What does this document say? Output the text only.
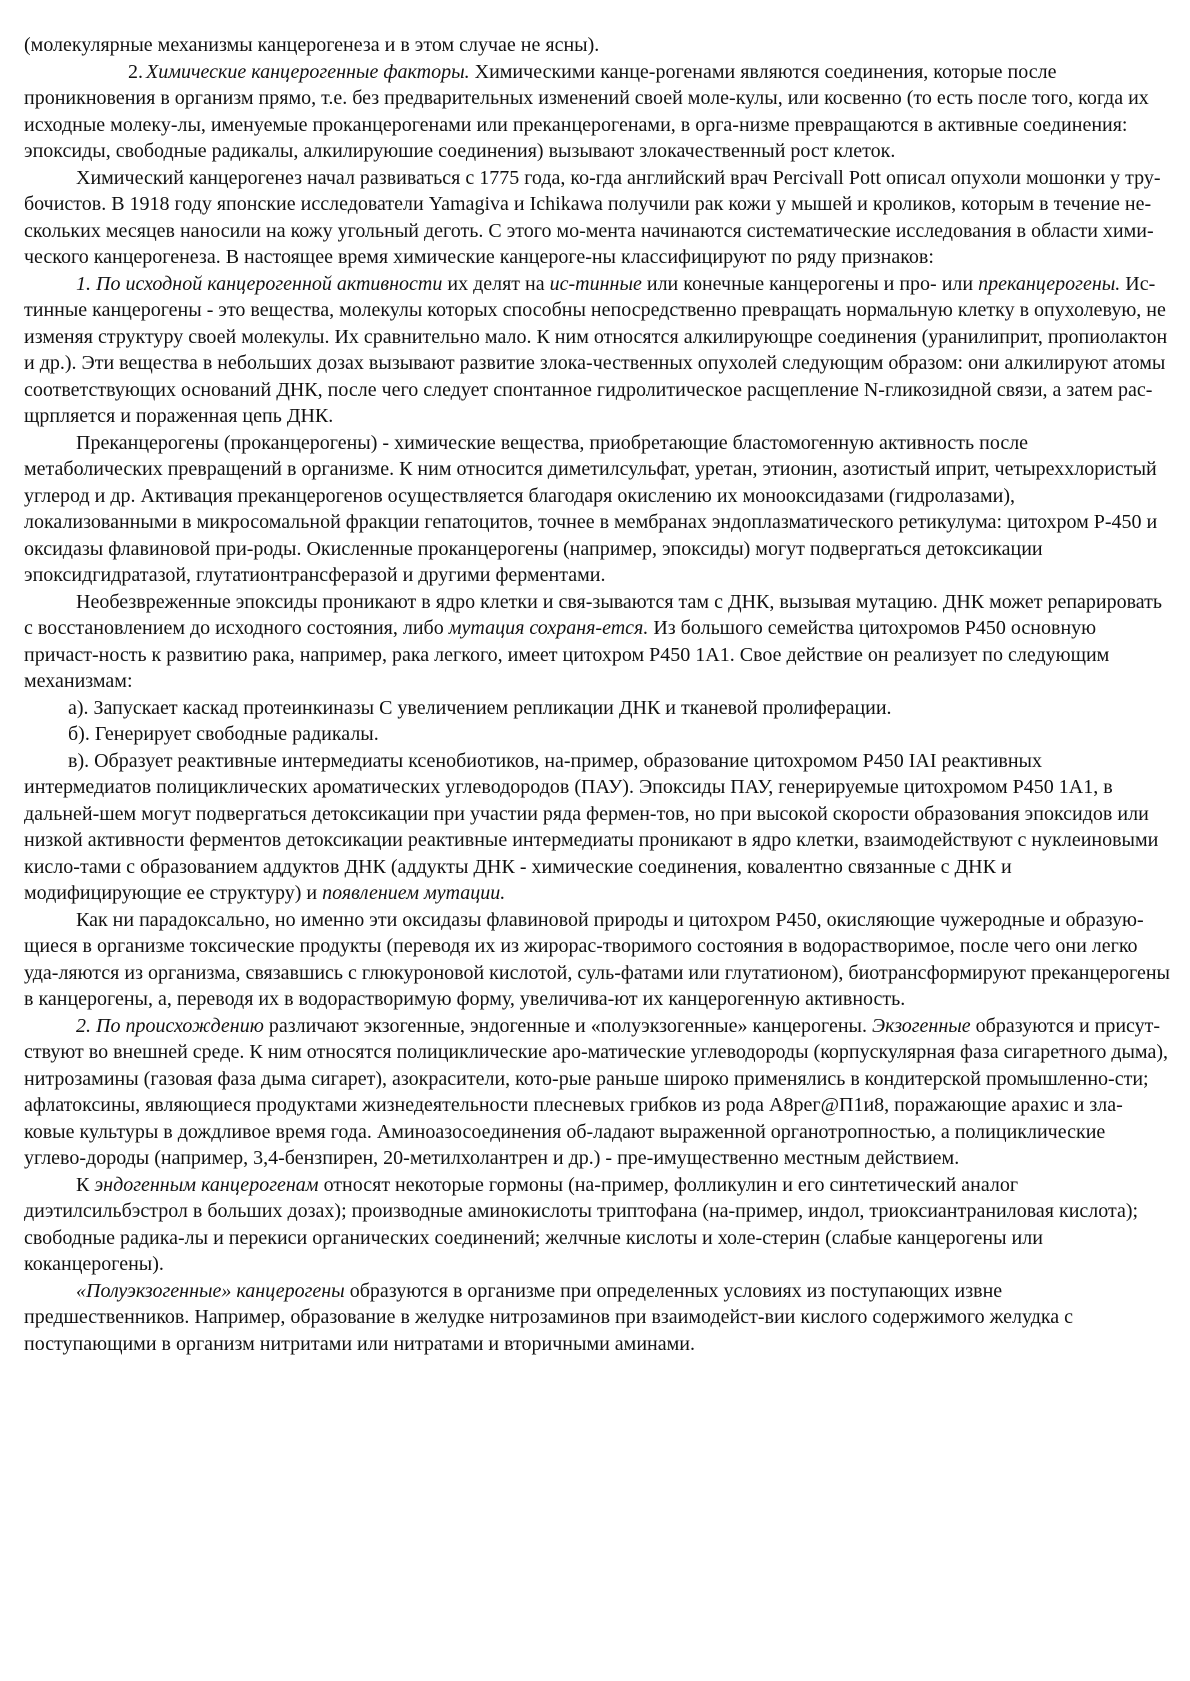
(молекулярные механизмы канцерогенеза и в этом случае не ясны).

2. Химические канцерогенные факторы. Химическими канце-рогенами являются соединения, которые после проникновения в организм прямо, т.е. без предварительных изменений своей моле-кулы, или косвенно (то есть после того, когда их исходные молеку-лы, именуемые проканцерогенами или преканцерогенами, в орга-низме превращаются в активные соединения: эпоксиды, свободные радикалы, алкилируюшие соединения) вызывают злокачественный рост клеток.

Химический канцерогенез начал развиваться с 1775 года, ко-гда английский врач Percivall Pott описал опухоли мошонки у тру-бочистов. В 1918 году японские исследователи Yamagiva и Ichikawa получили рак кожи у мышей и кроликов, которым в течение не-скольких месяцев наносили на кожу угольный деготь. С этого мо-мента начинаются систематические исследования в области хими-ческого канцерогенеза. В настоящее время химические канцероге-ны классифицируют по ряду признаков:

1. По исходной канцерогенной активности их делят на ис-тинные или конечные канцерогены и про- или преканцерогены. Ис-тинные канцерогены - это вещества, молекулы которых способны непосредственно превращать нормальную клетку в опухолевую, не изменяя структуру своей молекулы. Их сравнительно мало. К ним относятся алкилирующре соединения (уранилиприт, пропиолактон и др.). Эти вещества в небольших дозах вызывают развитие злока-чественных опухолей следующим образом: они алкилируют атомы соответствующих оснований ДНК, после чего следует спонтанное гидролитическое расщепление N-гликозидной связи, а затем рас-щрпляется и пораженная цепь ДНК.

Преканцерогены (проканцерогены) - химические вещества, приобретающие бластомогенную активность после метаболических превращений в организме. К ним относится диметилсульфат, уретан, этионин, азотистый иприт, четыреххлористый углерод и др. Активация преканцерогенов осуществляется благодаря окислению их монооксидазами (гидролазами), локализованными в микросомальной фракции гепатоцитов, точнее в мембранах эндоплазматического ретикулума: цитохром Р-450 и оксидазы флавиновой при-роды. Окисленные проканцерогены (например, эпоксиды) могут подвергаться детоксикации эпоксидгидратазой, глутатионтрансферазой и другими ферментами.

Необезвреженные эпоксиды проникают в ядро клетки и свя-зываются там с ДНК, вызывая мутацию. ДНК может репарировать с восстановлением до исходного состояния, либо мутация сохраня-ется. Из большого семейства цитохромов Р450 основную причаст-ность к развитию рака, например, рака легкого, имеет цитохром Р450 1А1. Свое действие он реализует по следующим механизмам:

а). Запускает каскад протеинкиназы С увеличением репликации ДНК и тканевой пролиферации.

б). Генерирует свободные радикалы.

в). Образует реактивные интермедиаты ксенобиотиков, на-пример, образование цитохромом Р450 IAI реактивных интермедиатов полициклических ароматических углеводородов (ПАУ). Эпоксиды ПАУ, генерируемые цитохромом Р450 1А1, в дальней-шем могут подвергаться детоксикации при участии ряда фермен-тов, но при высокой скорости образования эпоксидов или низкой активности ферментов детоксикации реактивные интермедиаты проникают в ядро клетки, взаимодействуют с нуклеиновыми кисло-тами с образованием аддуктов ДНК (аддукты ДНК - химические соединения, ковалентно связанные с ДНК и модифицирующие ее структуру) и появлением мутации.

Как ни парадоксально, но именно эти оксидазы флавиновой природы и цитохром Р450, окисляющие чужеродные и образую-щиеся в организме токсические продукты (переводя их из жирорас-творимого состояния в водорастворимое, после чего они легко уда-ляются из организма, связавшись с глюкуроновой кислотой, суль-фатами или глутатионом), биотрансформируют преканцерогены в канцерогены, а, переводя их в водорастворимую форму, увеличива-ют их канцерогенную активность.

2. По происхождению различают экзогенные, эндогенные и «полуэкзогенные» канцерогены. Экзогенные образуются и присут-ствуют во внешней среде. К ним относятся полициклические аро-матические углеводороды (корпускулярная фаза сигаретного дыма), нитрозамины (газовая фаза дыма сигарет), азокрасители, кото-рые раньше широко применялись в кондитерской промышленно-сти; афлатоксины, являющиеся продуктами жизнедеятельности плесневых грибков из рода А8рег@П1и8, поражающие арахис и зла-ковые культуры в дождливое время года. Аминоазосоединения об-ладают выраженной органотропностью, а полициклические углево-дороды (например, 3,4-бензпирен, 20-метилхолантрен и др.) - пре-имущественно местным действием.

К эндогенным канцерогенам относят некоторые гормоны (на-пример, фолликулин и его синтетический аналог диэтилсильбэстрол в больших дозах); производные аминокислоты триптофана (на-пример, индол, триоксиантраниловая кислота); свободные радика-лы и перекиси органических соединений; желчные кислоты и холе-стерин (слабые канцерогены или коканцерогены).

«Полуэкзогенные» канцерогены образуются в организме при определенных условиях из поступающих извне предшественников. Например, образование в желудке нитрозаминов при взаимодейст-вии кислого содержимого желудка с поступающими в организм нитритами или нитратами и вторичными аминами.
